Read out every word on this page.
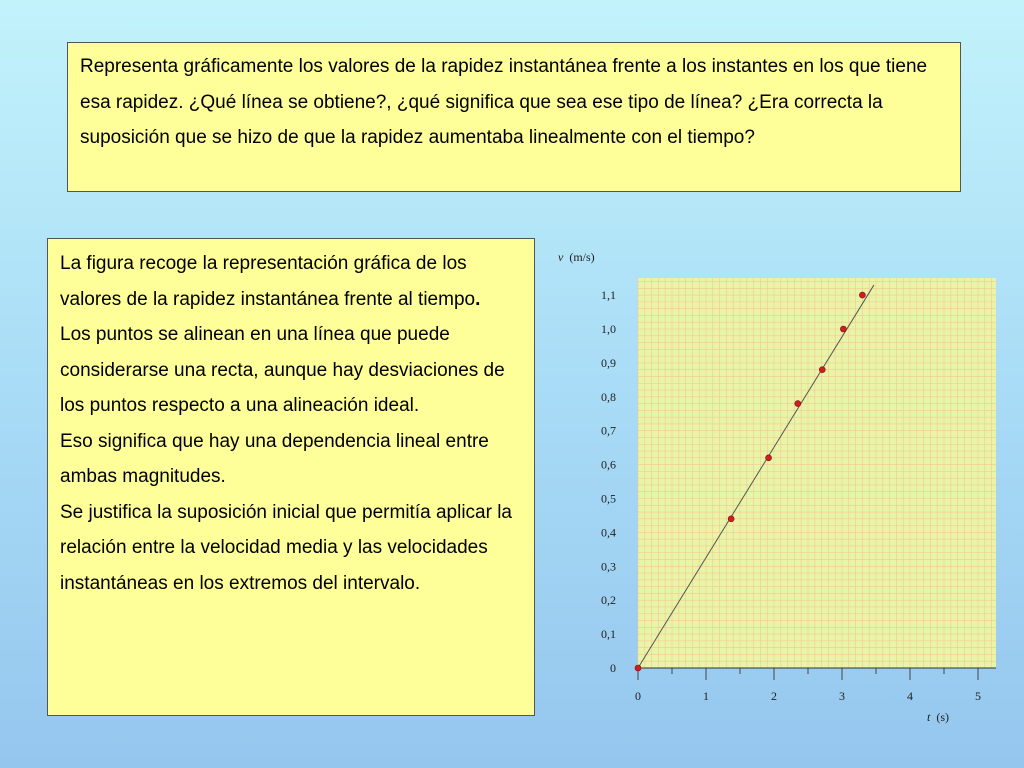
Representa gráficamente los valores de la rapidez instantánea frente a los instantes en los que tiene esa rapidez. ¿Qué línea se obtiene?, ¿qué significa que sea ese tipo de línea? ¿Era correcta la suposición que se hizo de que la rapidez aumentaba linealmente con el tiempo?

La figura recoge la representación gráfica de los valores de la rapidez instantánea frente al tiempo.

Los puntos se alinean en una línea que puede considerarse una recta, aunque hay desviaciones de los puntos respecto a una alineación ideal.

Eso significa que hay una dependencia lineal entre ambas magnitudes.

Se justifica la suposición inicial que permitía aplicar la relación entre la velocidad media y las velocidades instantáneas en los extremos del intervalo.

0	1	2	3	4	5
0
0,1
0,2
0,3
0,4
0,5
0,6
0,7
0,8
0,9
1,0
1,1
v (m/s)
t (s)
